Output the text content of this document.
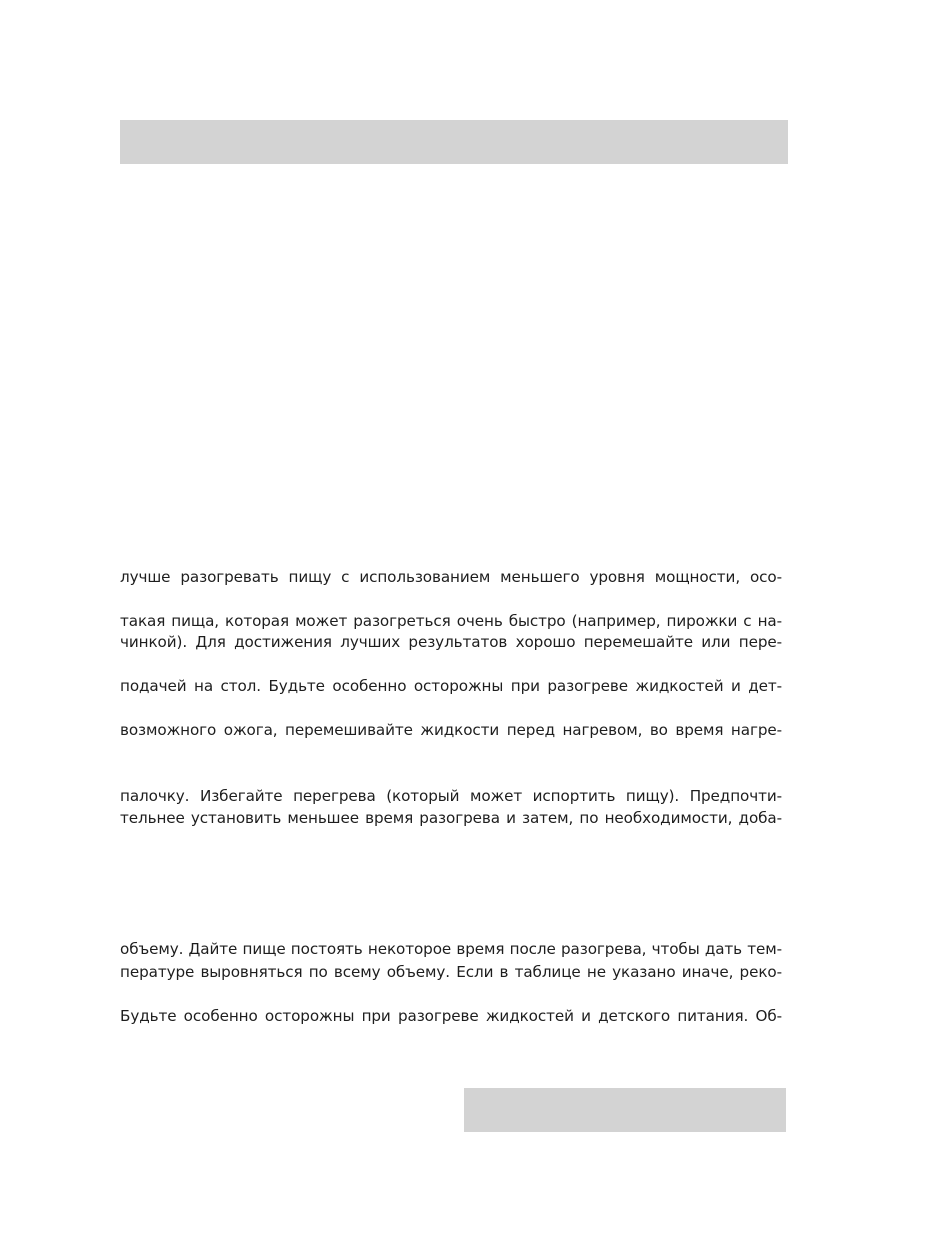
лучше разогревать пищу с использованием меньшего уровня мощности, осо-
такая пища, которая может разогреться очень быстро (например, пирожки с на-
чинкой). Для достижения лучших результатов хорошо перемешайте или пере-
подачей на стол. Будьте особенно осторожны при разогреве жидкостей и дет-
возможного ожога, перемешивайте жидкости перед нагревом, во время нагре-
палочку. Избегайте перегрева (который может испортить пищу). Предпочти-
тельнее установить меньшее время разогрева и затем, по необходимости, доба-
объему. Дайте пище постоять некоторое время после разогрева, чтобы дать тем-
пературе выровняться по всему объему. Если в таблице не указано иначе, реко-
Будьте особенно осторожны при разогреве жидкостей и детского питания. Об-
